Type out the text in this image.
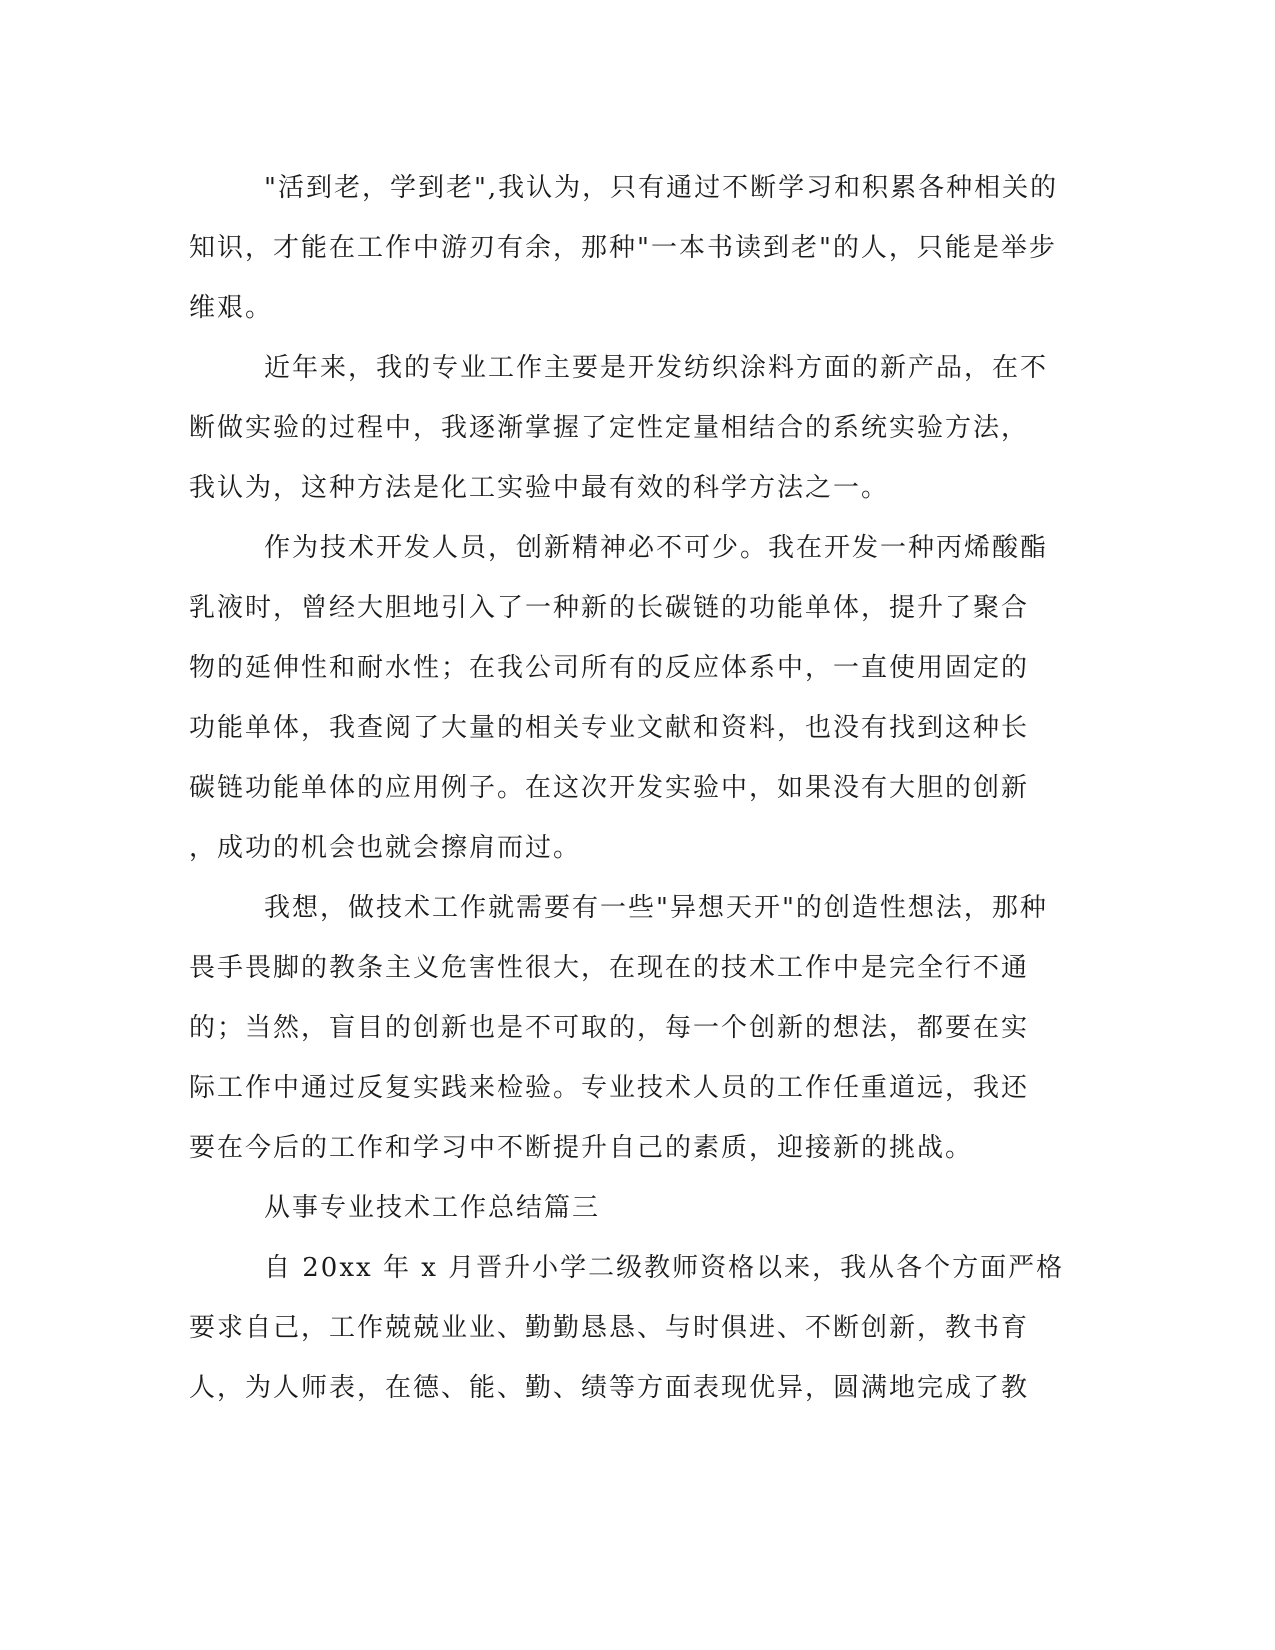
"活到老，学到老",我认为，只有通过不断学习和积累各种相关的
知识，才能在工作中游刃有余，那种"一本书读到老"的人，只能是举步
维艰。
近年来，我的专业工作主要是开发纺织涂料方面的新产品，在不
断做实验的过程中，我逐渐掌握了定性定量相结合的系统实验方法，
我认为，这种方法是化工实验中最有效的科学方法之一。
作为技术开发人员，创新精神必不可少。我在开发一种丙烯酸酯
乳液时，曾经大胆地引入了一种新的长碳链的功能单体，提升了聚合
物的延伸性和耐水性；在我公司所有的反应体系中，一直使用固定的
功能单体，我查阅了大量的相关专业文献和资料，也没有找到这种长
碳链功能单体的应用例子。在这次开发实验中，如果没有大胆的创新
，成功的机会也就会擦肩而过。
我想，做技术工作就需要有一些"异想天开"的创造性想法，那种
畏手畏脚的教条主义危害性很大，在现在的技术工作中是完全行不通
的；当然，盲目的创新也是不可取的，每一个创新的想法，都要在实
际工作中通过反复实践来检验。专业技术人员的工作任重道远，我还
要在今后的工作和学习中不断提升自己的素质，迎接新的挑战。
从事专业技术工作总结篇三
自 20xx 年 x 月晋升小学二级教师资格以来，我从各个方面严格
要求自己，工作兢兢业业、勤勤恳恳、与时俱进、不断创新，教书育
人，为人师表，在德、能、勤、绩等方面表现优异，圆满地完成了教
